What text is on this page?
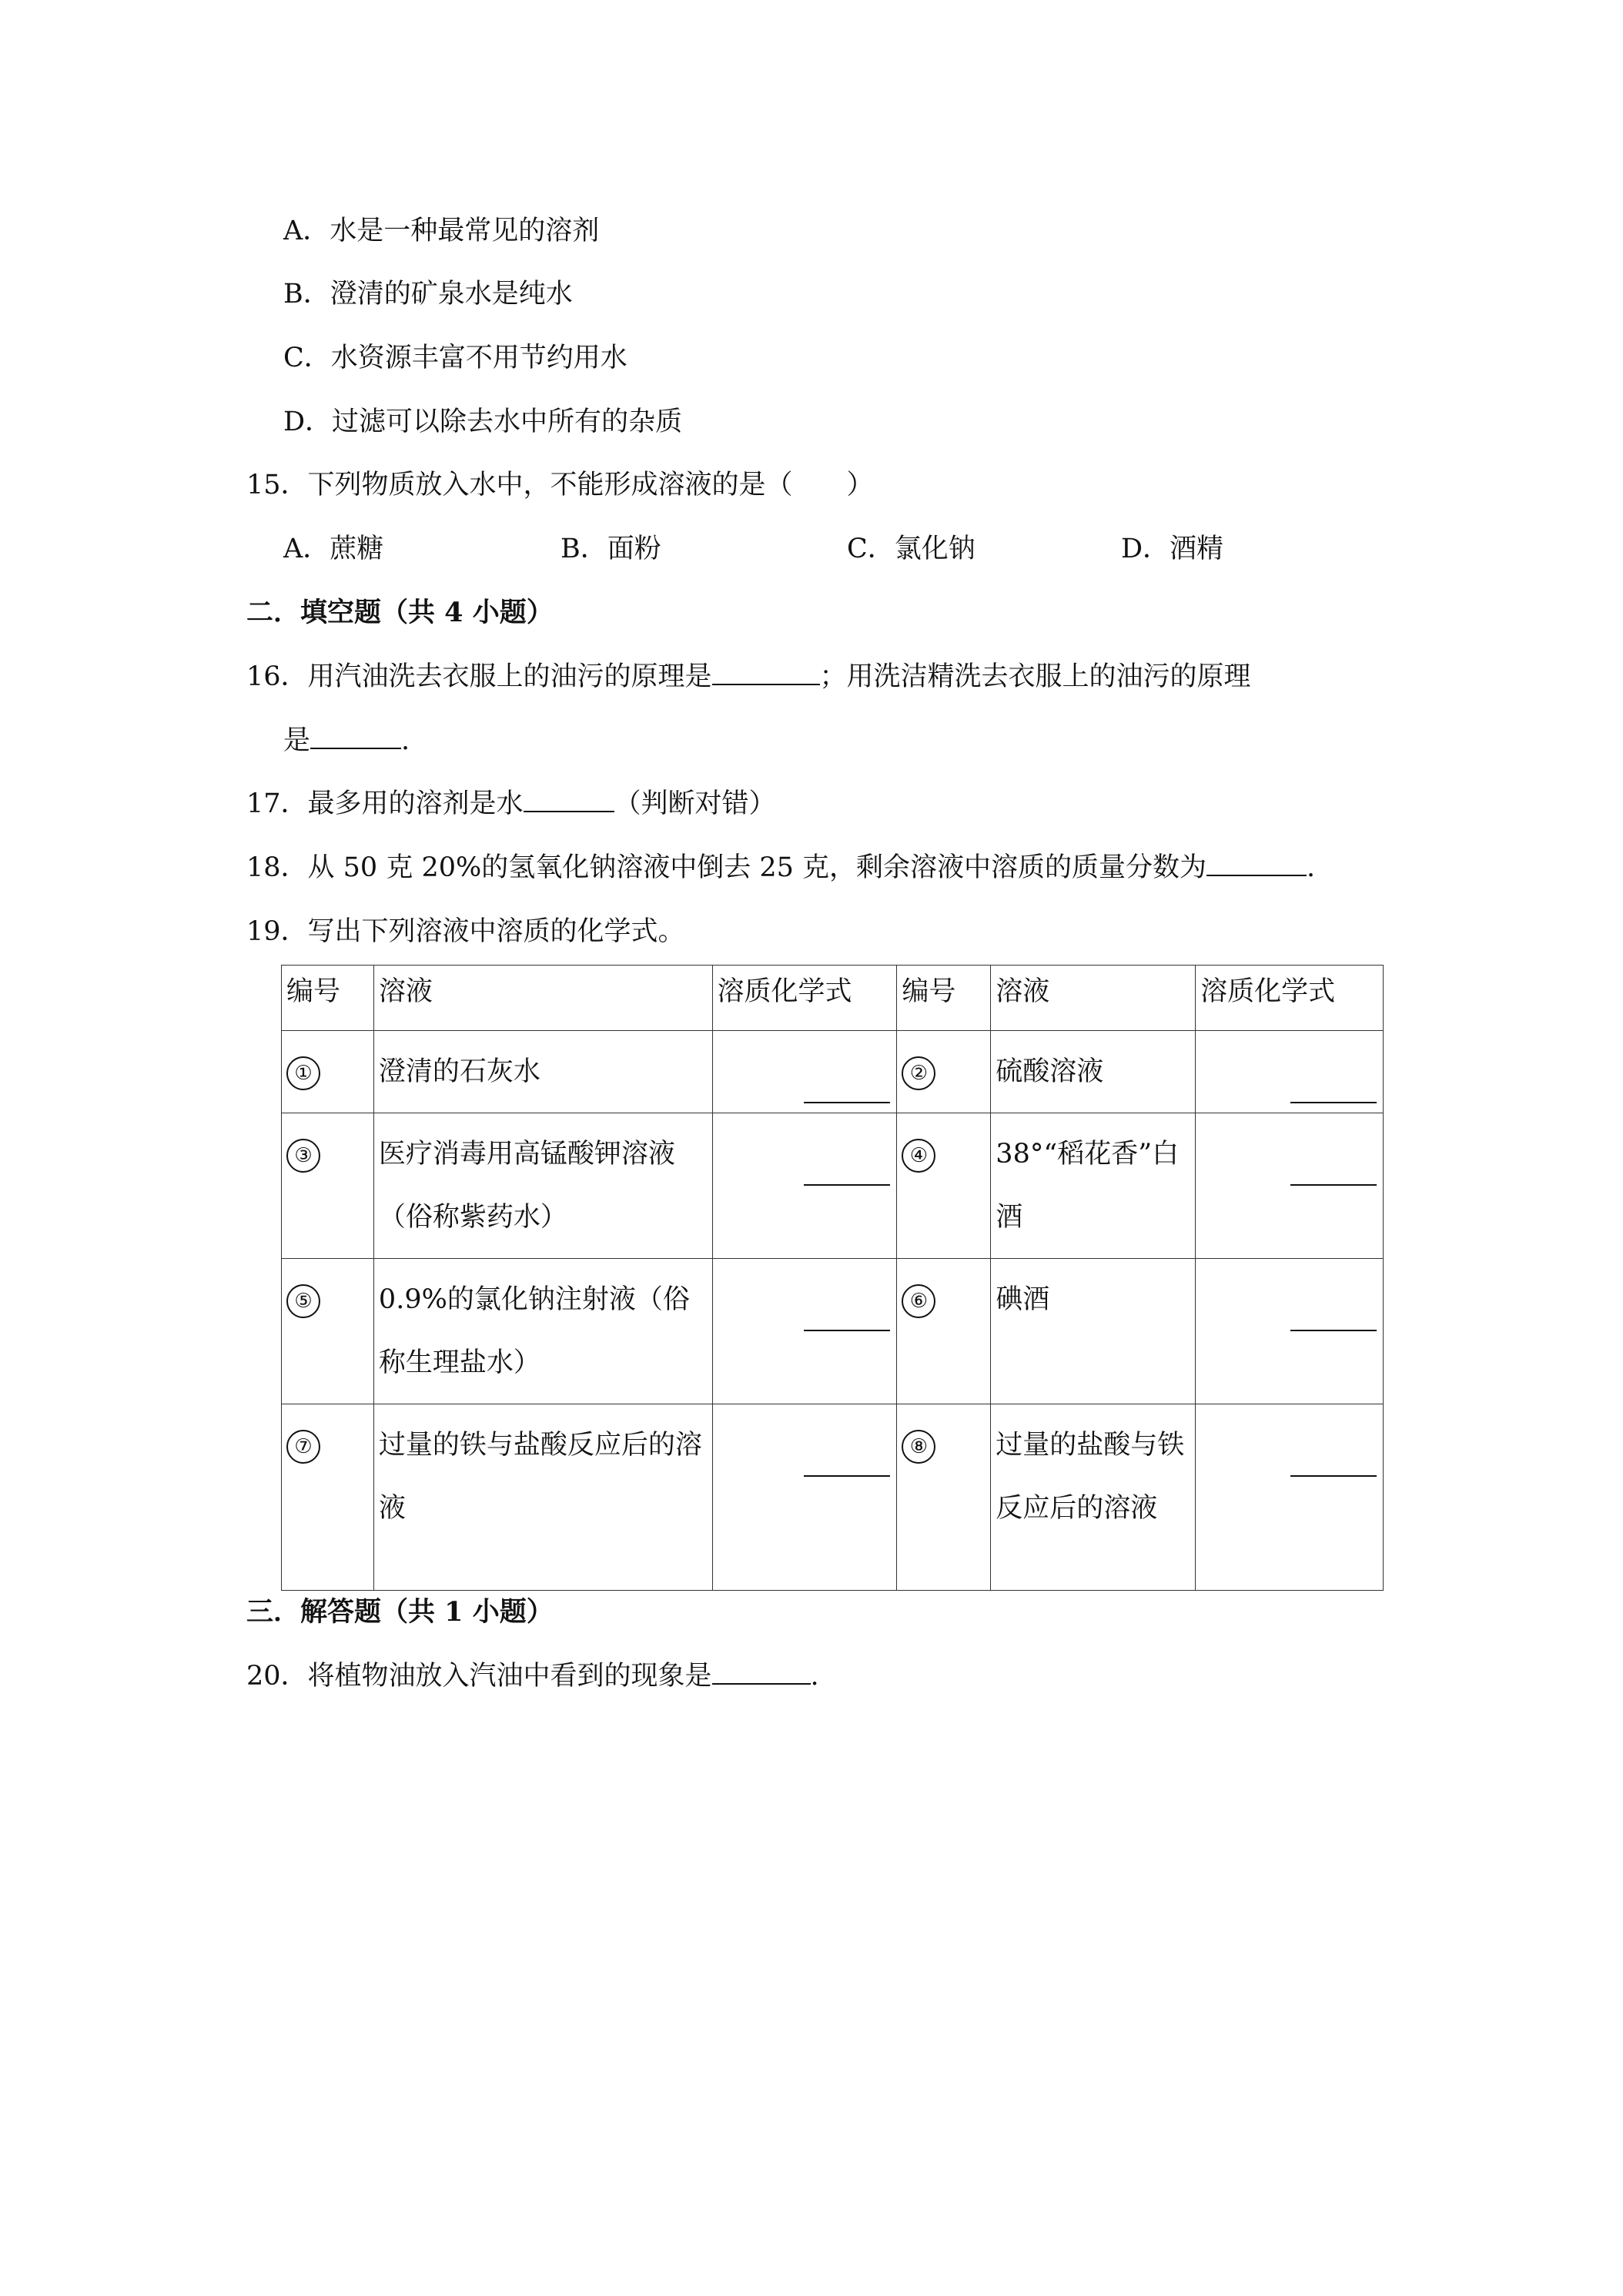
A．水是一种最常见的溶剂
B．澄清的矿泉水是纯水
C．水资源丰富不用节约用水
D．过滤可以除去水中所有的杂质
15．下列物质放入水中，不能形成溶液的是（　　）
A．蔗糖	B．面粉	C．氯化钠	D．酒精
二．填空题（共 4 小题）
16．用汽油洗去衣服上的油污的原理是	；用洗洁精洗去衣服上的油污的原理
是	.
17．最多用的溶剂是水	（判断对错）
18．从 50 克 20%的氢氧化钠溶液中倒去 25 克，剩余溶液中溶质的质量分数为	.
19．写出下列溶液中溶质的化学式。
编号	溶液	溶质化学式	编号	溶液	溶质化学式
①	澄清的石灰水		②	硫酸溶液	
③	医疗消毒用高锰酸钾溶液（俗称紫药水）		④	38°“稻花香”白酒	
⑤	0.9%的氯化钠注射液（俗称生理盐水）		⑥	碘酒	
⑦	过量的铁与盐酸反应后的溶液		⑧	过量的盐酸与铁反应后的溶液	
三．解答题（共 1 小题）
20．将植物油放入汽油中看到的现象是	.
